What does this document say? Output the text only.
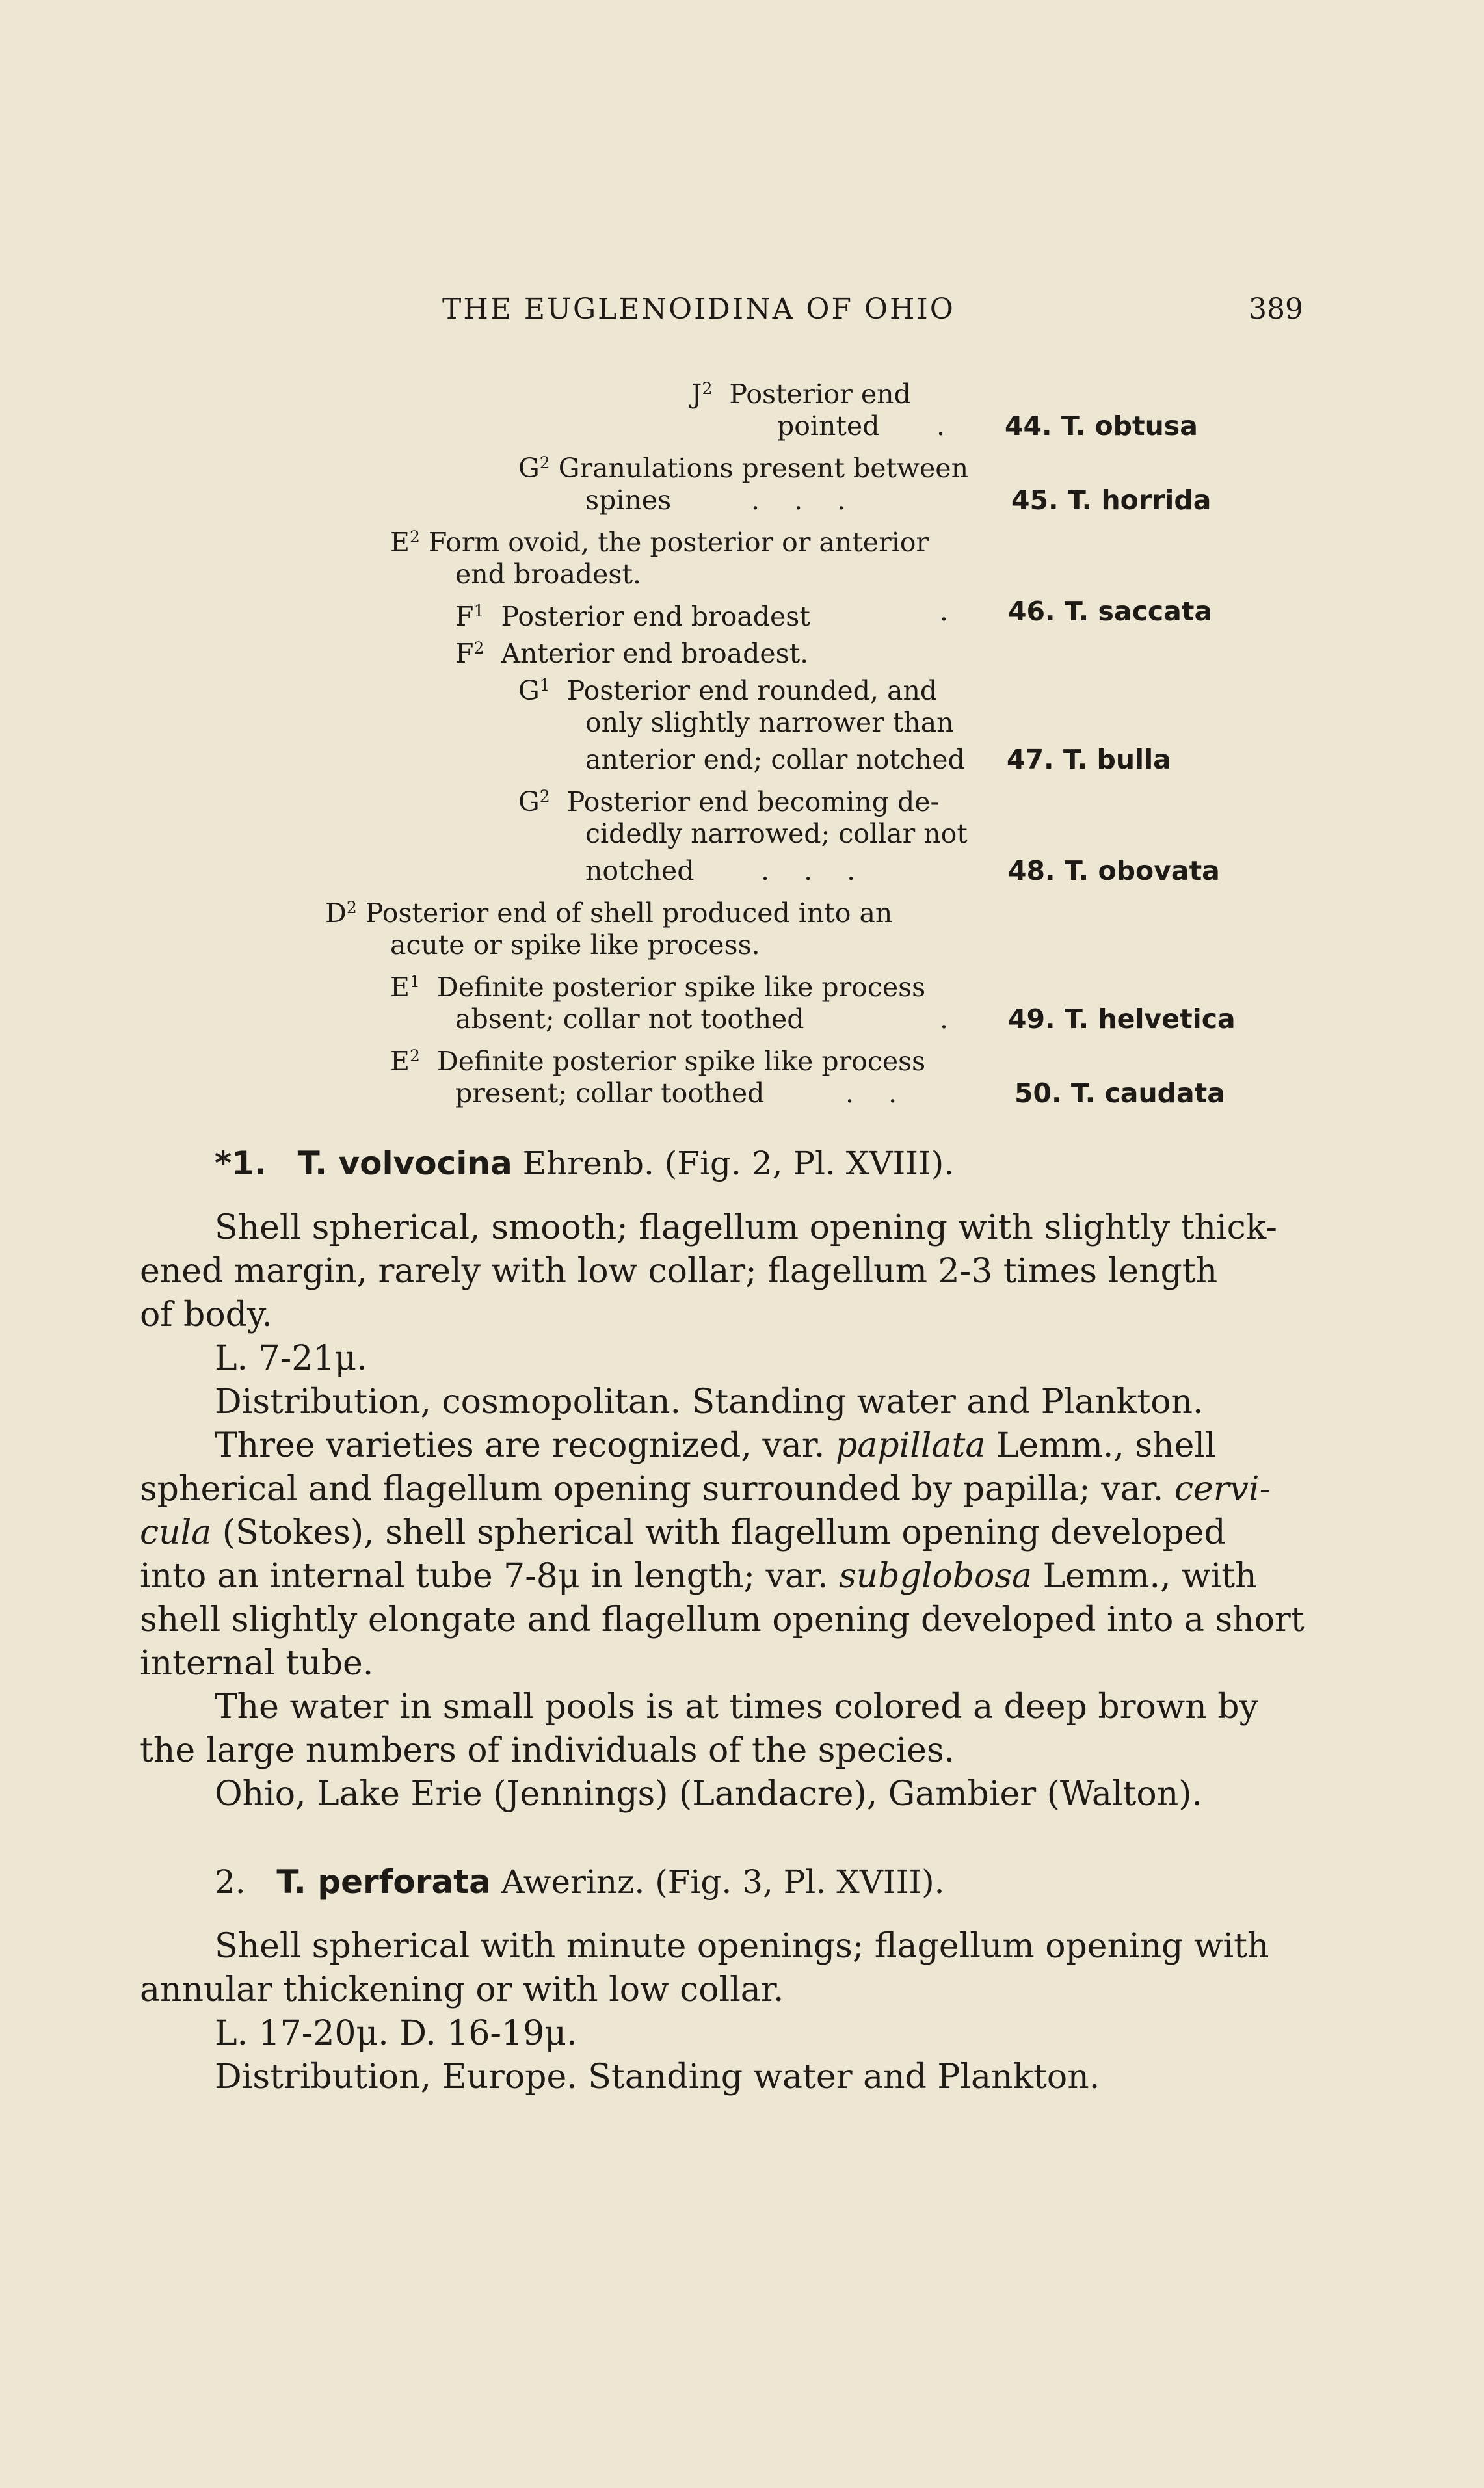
THE EUGLENOIDINA OF OHIO	389
$J^2$ Posterior end
pointed . 44. T. obtusa
$G^2$ Granulations present between
spines	. . .	45. T. horrida
$E^2$ Form ovoid, the posterior or anterior
end broadest.
$F^1$ Posterior end broadest	. 46. T. saccata
$F^2$ Anterior end broadest.
$G^1$ Posterior end rounded, and
only slightly narrower than
anterior end; collar notched 47. T. bulla
$G^2$ Posterior end becoming de-
cidedly narrowed; collar not
notched	. . .	48. T. obovata
$D^2$ Posterior end of shell produced into an
acute or spike like process.
$E^1$ Definite posterior spike like process
absent; collar not toothed	. 49. T. helvetica
$E^2$ Definite posterior spike like process
present; collar toothed	. .	50. T. caudata
*1. T. volvocina Ehrenb. (Fig. 2, Pl. XVIII).
Shell spherical, smooth; flagellum opening with slightly thick-
ened margin, rarely with low collar; flagellum 2-3 times length
of body.
L. 7-21μ.
Distribution, cosmopolitan. Standing water and Plankton.
Three varieties are recognized, var. papillata Lemm., shell
spherical and flagellum opening surrounded by papilla; var. cervi-
cula (Stokes), shell spherical with flagellum opening developed
into an internal tube 7-8μ in length; var. subglobosa Lemm., with
shell slightly elongate and flagellum opening developed into a short
internal tube.
The water in small pools is at times colored a deep brown by
the large numbers of individuals of the species.
Ohio, Lake Erie (Jennings) (Landacre), Gambier (Walton).
2. T. perforata Awerinz. (Fig. 3, Pl. XVIII).
Shell spherical with minute openings; flagellum opening with
annular thickening or with low collar.
L. 17-20μ. D. 16-19μ.
Distribution, Europe. Standing water and Plankton.
